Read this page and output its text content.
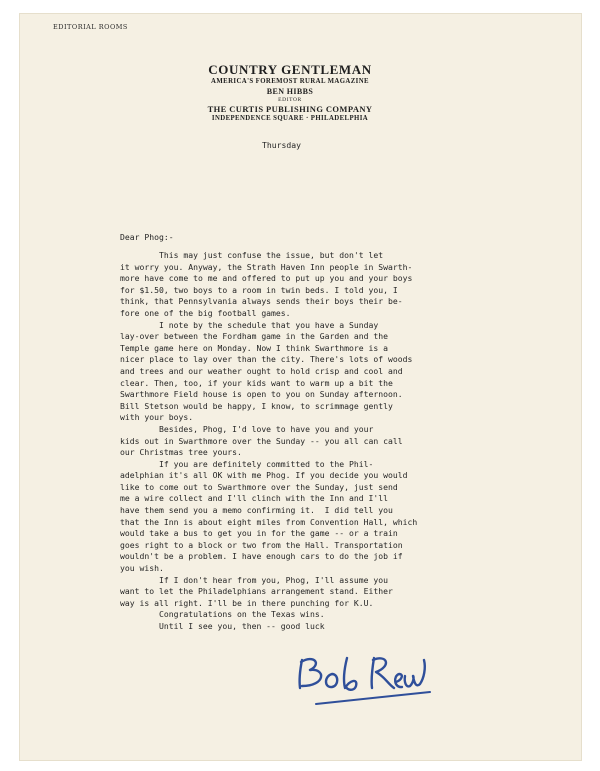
EDITORIAL ROOMS
COUNTRY GENTLEMAN
AMERICA'S FOREMOST RURAL MAGAZINE
BEN HIBBS
EDITOR
THE CURTIS PUBLISHING COMPANY
INDEPENDENCE SQUARE · PHILADELPHIA
Thursday
Dear Phog:-
This may just confuse the issue, but don't let
it worry you. Anyway, the Strath Haven Inn people in Swarth-
more have come to me and offered to put up you and your boys
for $1.50, two boys to a room in twin beds. I told you, I
think, that Pennsylvania always sends their boys their be-
fore one of the big football games.
I note by the schedule that you have a Sunday
lay-over between the Fordham game in the Garden and the
Temple game here on Monday. Now I think Swarthmore is a
nicer place to lay over than the city. There's lots of woods
and trees and our weather ought to hold crisp and cool and
clear. Then, too, if your kids want to warm up a bit the
Swarthmore Field house is open to you on Sunday afternoon.
Bill Stetson would be happy, I know, to scrimmage gently
with your boys.
Besides, Phog, I'd love to have you and your
kids out in Swarthmore over the Sunday -- you all can call
our Christmas tree yours.
If you are definitely committed to the Phil-
adelphian it's all OK with me Phog. If you decide you would
like to come out to Swarthmore over the Sunday, just send
me a wire collect and I'll clinch with the Inn and I'll
have them send you a memo confirming it.  I did tell you
that the Inn is about eight miles from Convention Hall, which
would take a bus to get you in for the game -- or a train
goes right to a block or two from the Hall. Transportation
wouldn't be a problem. I have enough cars to do the job if
you wish.
If I don't hear from you, Phog, I'll assume you
want to let the Philadelphians arrangement stand. Either
way is all right. I'll be in there punching for K.U.
Congratulations on the Texas wins.
Until I see you, then -- good luck
